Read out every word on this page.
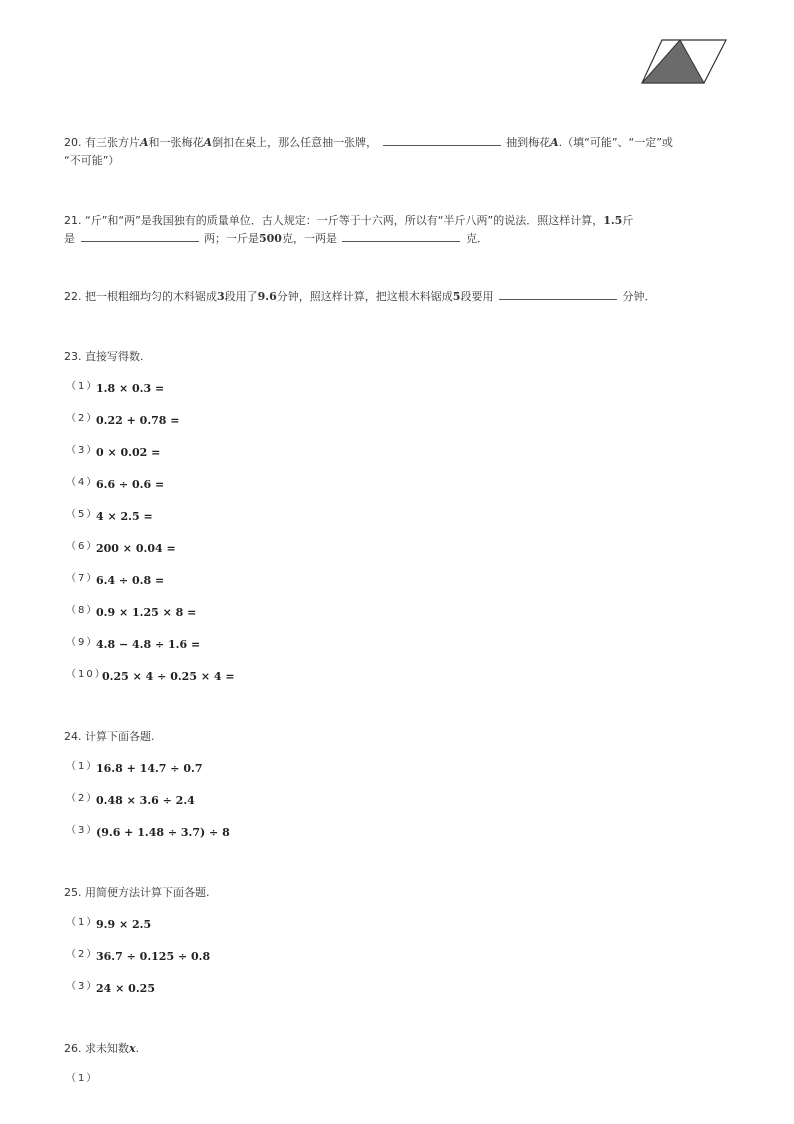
20. 有三张方片A和一张梅花A倒扣在桌上，那么任意抽一张牌，	抽到梅花A.（填“可能”、“一定”或
“不可能”）
21. “斤”和“两”是我国独有的质量单位．古人规定：一斤等于十六两，所以有“半斤八两”的说法．照这样计算，1.5斤
是	两；一斤是500克，一两是	克．
22. 把一根粗细均匀的木料锯成3段用了9.6分钟，照这样计算，把这根木料锯成5段要用	分钟．
23. 直接写得数.
（1）
1.8 × 0.3 =
（2）
0.22 + 0.78 =
（3）
0 × 0.02 =
（4）
6.6 ÷ 0.6 =
（5）
4 × 2.5 =
（6）
200 × 0.04 =
（7）
6.4 ÷ 0.8 =
（8）
0.9 × 1.25 × 8 =
（9）
4.8 − 4.8 ÷ 1.6 =
（10）
0.25 × 4 ÷ 0.25 × 4 =
24. 计算下面各题.
（1）
16.8 + 14.7 ÷ 0.7
（2）
0.48 × 3.6 ÷ 2.4
（3）
(9.6 + 1.48 ÷ 3.7) ÷ 8
25. 用简便方法计算下面各题.
（1）
9.9 × 2.5
（2）
36.7 ÷ 0.125 ÷ 0.8
（3）
24 × 0.25
26. 求未知数x.
（1）
